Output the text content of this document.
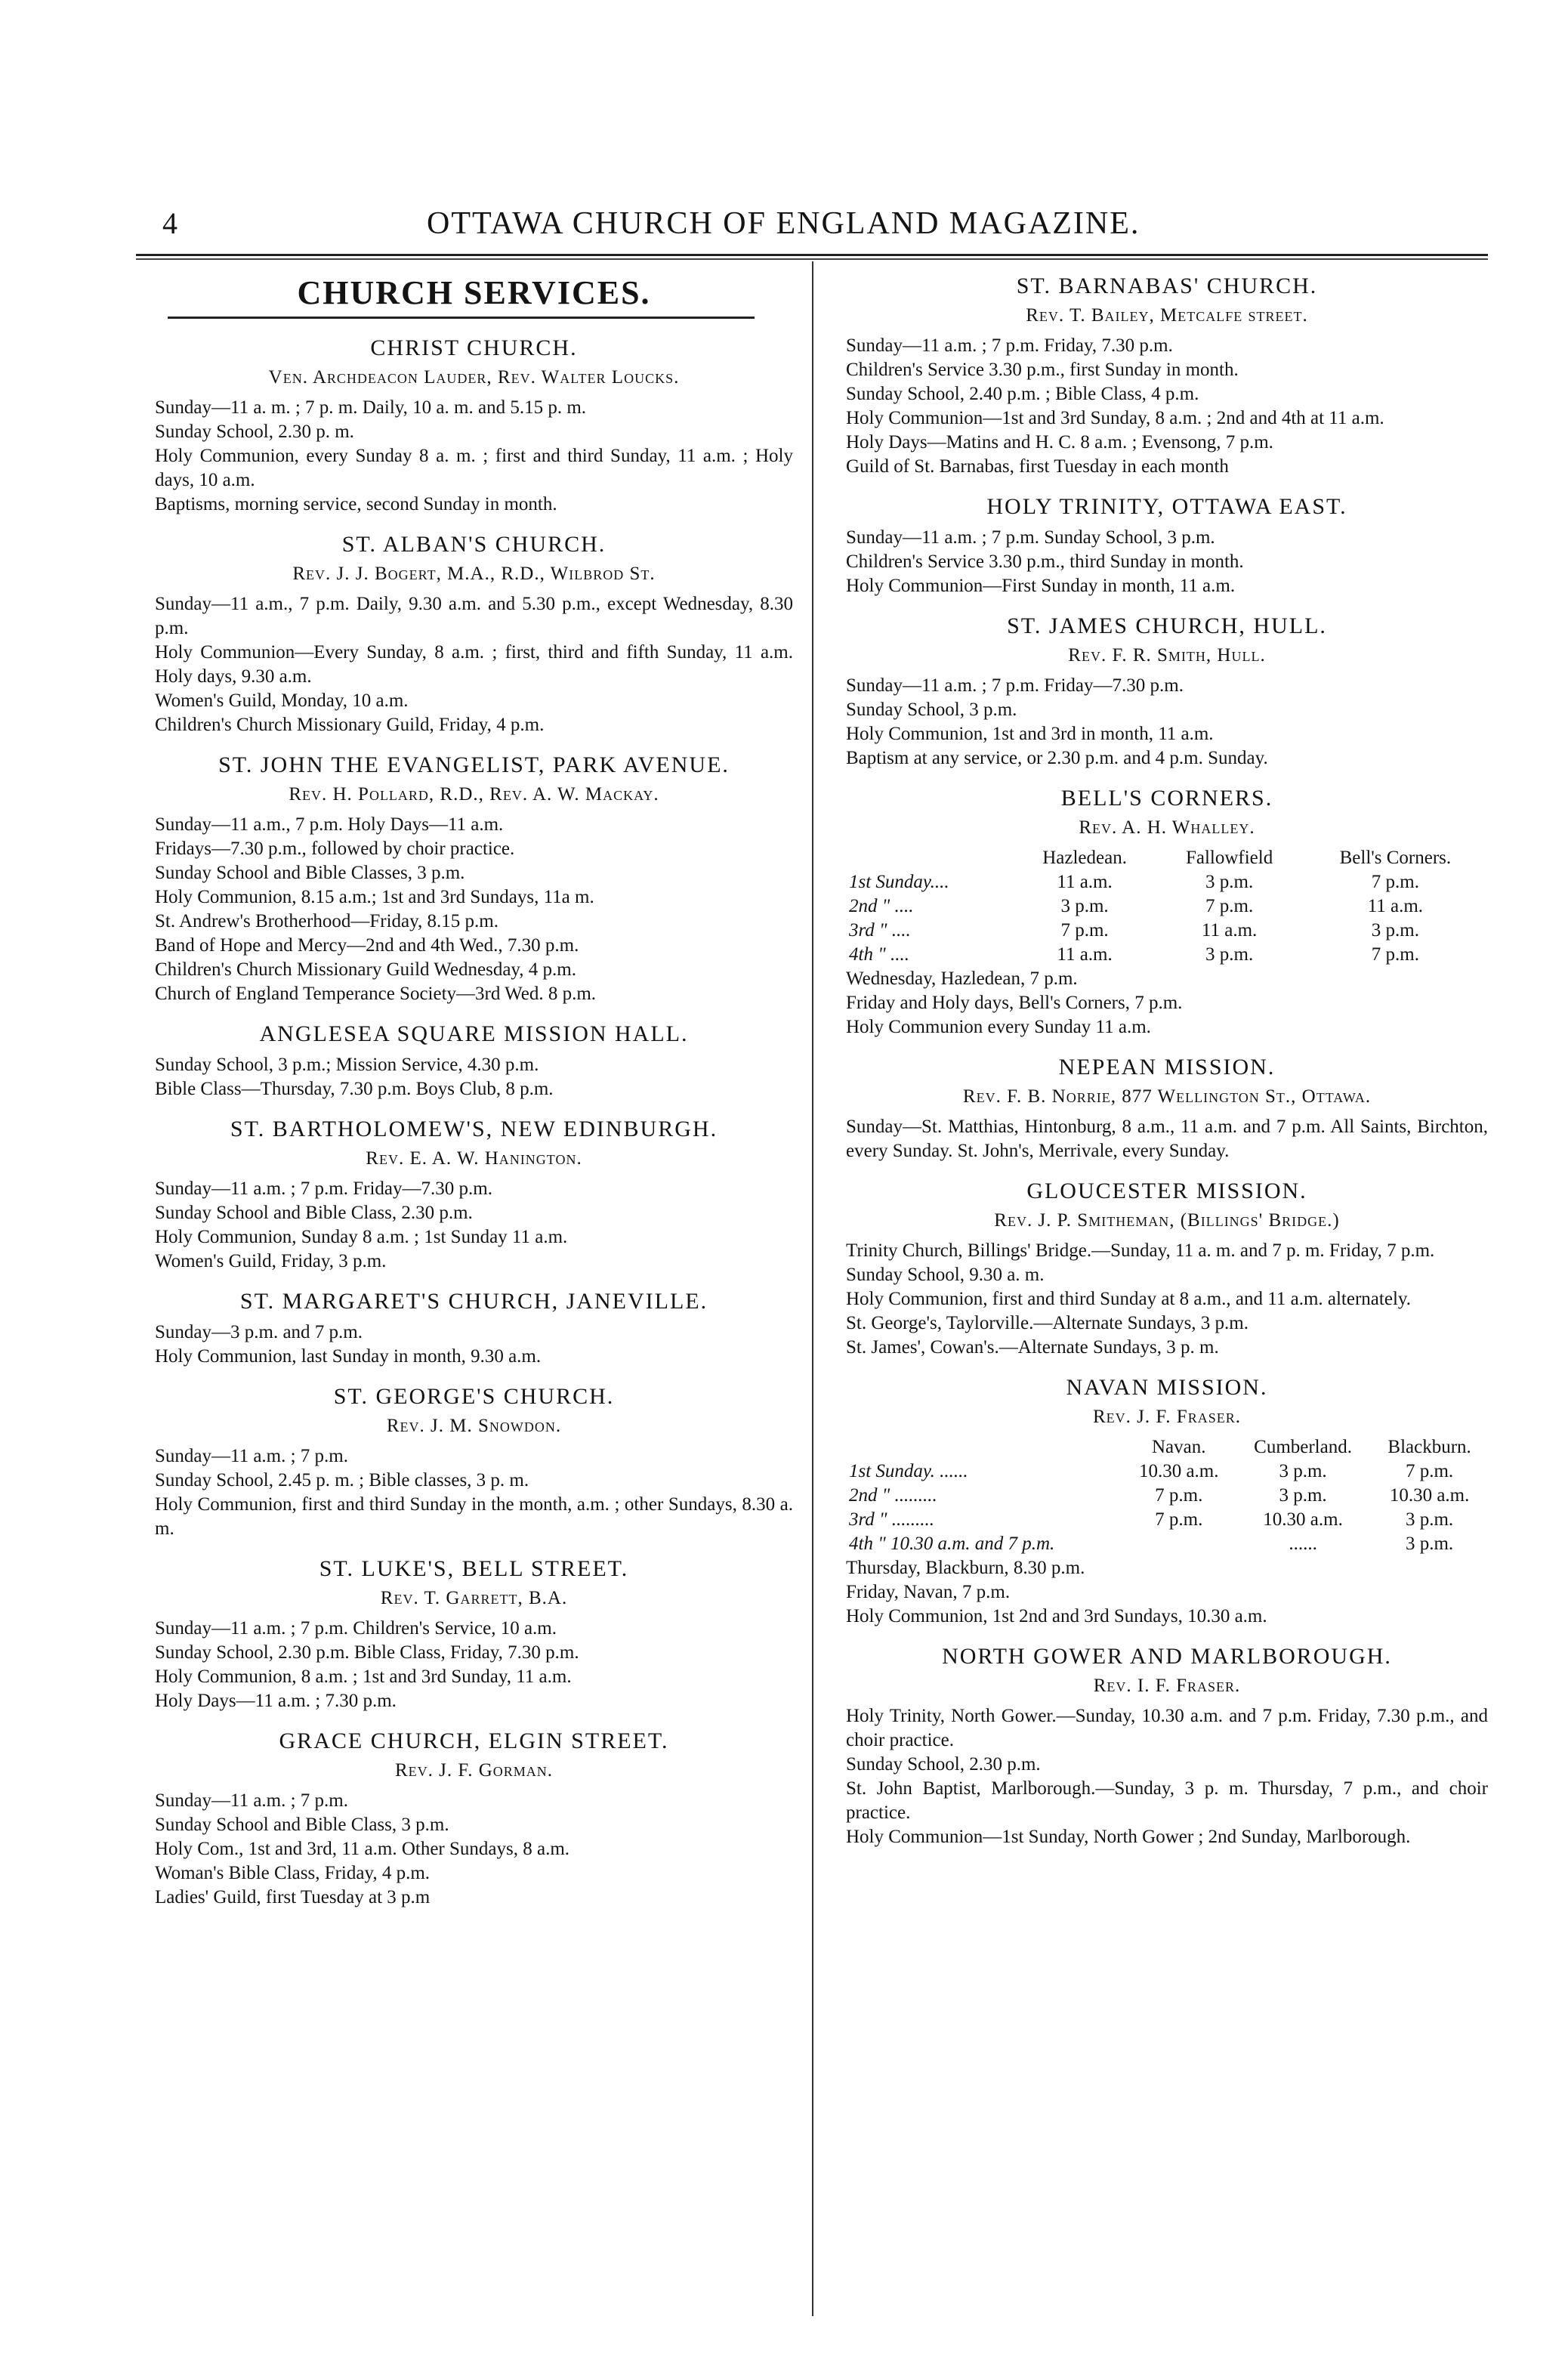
4	OTTAWA CHURCH OF ENGLAND MAGAZINE.
CHURCH SERVICES.
CHRIST CHURCH.
Ven. Archdeacon Lauder, Rev. Walter Loucks.
Sunday—11 a. m. ; 7 p. m. Daily, 10 a. m. and 5.15 p. m.
Sunday School, 2.30 p. m.
Holy Communion, every Sunday 8 a. m. ; first and third Sunday, 11 a.m. ; Holy days, 10 a.m.
Baptisms, morning service, second Sunday in month.
ST. ALBAN'S CHURCH.
Rev. J. J. Bogert, M.A., R.D., Wilbrod St.
Sunday—11 a.m., 7 p.m. Daily, 9.30 a.m. and 5.30 p.m., except Wednesday, 8.30 p.m.
Holy Communion—Every Sunday, 8 a.m. ; first, third and fifth Sunday, 11 a.m. Holy days, 9.30 a.m.
Women's Guild, Monday, 10 a.m.
Children's Church Missionary Guild, Friday, 4 p.m.
ST. JOHN THE EVANGELIST, PARK AVENUE.
Rev. H. Pollard, R.D., Rev. A. W. Mackay.
Sunday—11 a.m., 7 p.m. Holy Days—11 a.m.
Fridays—7.30 p.m., followed by choir practice.
Sunday School and Bible Classes, 3 p.m.
Holy Communion, 8.15 a.m.; 1st and 3rd Sundays, 11a m.
St. Andrew's Brotherhood—Friday, 8.15 p.m.
Band of Hope and Mercy—2nd and 4th Wed., 7.30 p.m.
Children's Church Missionary Guild Wednesday, 4 p.m.
Church of England Temperance Society—3rd Wed. 8 p.m.
ANGLESEA SQUARE MISSION HALL.
Sunday School, 3 p.m.; Mission Service, 4.30 p.m.
Bible Class—Thursday, 7.30 p.m. Boys Club, 8 p.m.
ST. BARTHOLOMEW'S, NEW EDINBURGH.
Rev. E. A. W. Hanington.
Sunday—11 a.m. ; 7 p.m. Friday—7.30 p.m.
Sunday School and Bible Class, 2.30 p.m.
Holy Communion, Sunday 8 a.m. ; 1st Sunday 11 a.m.
Women's Guild, Friday, 3 p.m.
ST. MARGARET'S CHURCH, JANEVILLE.
Sunday—3 p.m. and 7 p.m.
Holy Communion, last Sunday in month, 9.30 a.m.
ST. GEORGE'S CHURCH.
Rev. J. M. Snowdon.
Sunday—11 a.m. ; 7 p.m.
Sunday School, 2.45 p. m. ; Bible classes, 3 p. m.
Holy Communion, first and third Sunday in the month, a.m. ; other Sundays, 8.30 a. m.
ST. LUKE'S, BELL STREET.
Rev. T. Garrett, B.A.
Sunday—11 a.m. ; 7 p.m. Children's Service, 10 a.m.
Sunday School, 2.30 p.m. Bible Class, Friday, 7.30 p.m.
Holy Communion, 8 a.m. ; 1st and 3rd Sunday, 11 a.m.
Holy Days—11 a.m. ; 7.30 p.m.
GRACE CHURCH, ELGIN STREET.
Rev. J. F. Gorman.
Sunday—11 a.m. ; 7 p.m.
Sunday School and Bible Class, 3 p.m.
Holy Com., 1st and 3rd, 11 a.m. Other Sundays, 8 a.m.
Woman's Bible Class, Friday, 4 p.m.
Ladies' Guild, first Tuesday at 3 p.m
ST. BARNABAS' CHURCH.
Rev. T. Bailey, Metcalfe street.
Sunday—11 a.m. ; 7 p.m. Friday, 7.30 p.m.
Children's Service 3.30 p.m., first Sunday in month.
Sunday School, 2.40 p.m. ; Bible Class, 4 p.m.
Holy Communion—1st and 3rd Sunday, 8 a.m. ; 2nd and 4th at 11 a.m.
Holy Days—Matins and H. C. 8 a.m. ; Evensong, 7 p.m.
Guild of St. Barnabas, first Tuesday in each month
HOLY TRINITY, OTTAWA EAST.
Sunday—11 a.m. ; 7 p.m. Sunday School, 3 p.m.
Children's Service 3.30 p.m., third Sunday in month.
Holy Communion—First Sunday in month, 11 a.m.
ST. JAMES CHURCH, HULL.
Rev. F. R. Smith, Hull.
Sunday—11 a.m. ; 7 p.m. Friday—7.30 p.m.
Sunday School, 3 p.m.
Holy Communion, 1st and 3rd in month, 11 a.m.
Baptism at any service, or 2.30 p.m. and 4 p.m. Sunday.
BELL'S CORNERS.
Rev. A. H. Whalley.
	Hazledean.	Fallowfield	Bell's Corners.
1st Sunday....	11 a.m.	3 p.m.	7 p.m.
2nd " ....	3 p.m.	7 p.m.	11 a.m.
3rd " ....	7 p.m.	11 a.m.	3 p.m.
4th " ....	11 a.m.	3 p.m.	7 p.m.
Wednesday, Hazledean, 7 p.m.
Friday and Holy days, Bell's Corners, 7 p.m.
Holy Communion every Sunday 11 a.m.
NEPEAN MISSION.
Rev. F. B. Norrie, 877 Wellington St., Ottawa.
Sunday—St. Matthias, Hintonburg, 8 a.m., 11 a.m. and 7 p.m. All Saints, Birchton, every Sunday. St. John's, Merrivale, every Sunday.
GLOUCESTER MISSION.
Rev. J. P. Smitheman, (Billings' Bridge.)
Trinity Church, Billings' Bridge.—Sunday, 11 a. m. and 7 p. m. Friday, 7 p.m.
Sunday School, 9.30 a. m.
Holy Communion, first and third Sunday at 8 a.m., and 11 a.m. alternately.
St. George's, Taylorville.—Alternate Sundays, 3 p.m.
St. James', Cowan's.—Alternate Sundays, 3 p. m.
NAVAN MISSION.
Rev. J. F. Fraser.
	Navan.	Cumberland.	Blackburn.
1st Sunday. ......	10.30 a.m.	3 p.m.	7 p.m.
2nd " .........	7 p.m.	3 p.m.	10.30 a.m.
3rd " .........	7 p.m.	10.30 a.m.	3 p.m.
4th " 10.30 a.m. and 7 p.m.		......	3 p.m.
Thursday, Blackburn, 8.30 p.m.
Friday, Navan, 7 p.m.
Holy Communion, 1st 2nd and 3rd Sundays, 10.30 a.m.
NORTH GOWER AND MARLBOROUGH.
Rev. I. F. Fraser.
Holy Trinity, North Gower.—Sunday, 10.30 a.m. and 7 p.m. Friday, 7.30 p.m., and choir practice.
Sunday School, 2.30 p.m.
St. John Baptist, Marlborough.—Sunday, 3 p. m. Thursday, 7 p.m., and choir practice.
Holy Communion—1st Sunday, North Gower ; 2nd Sunday, Marlborough.
